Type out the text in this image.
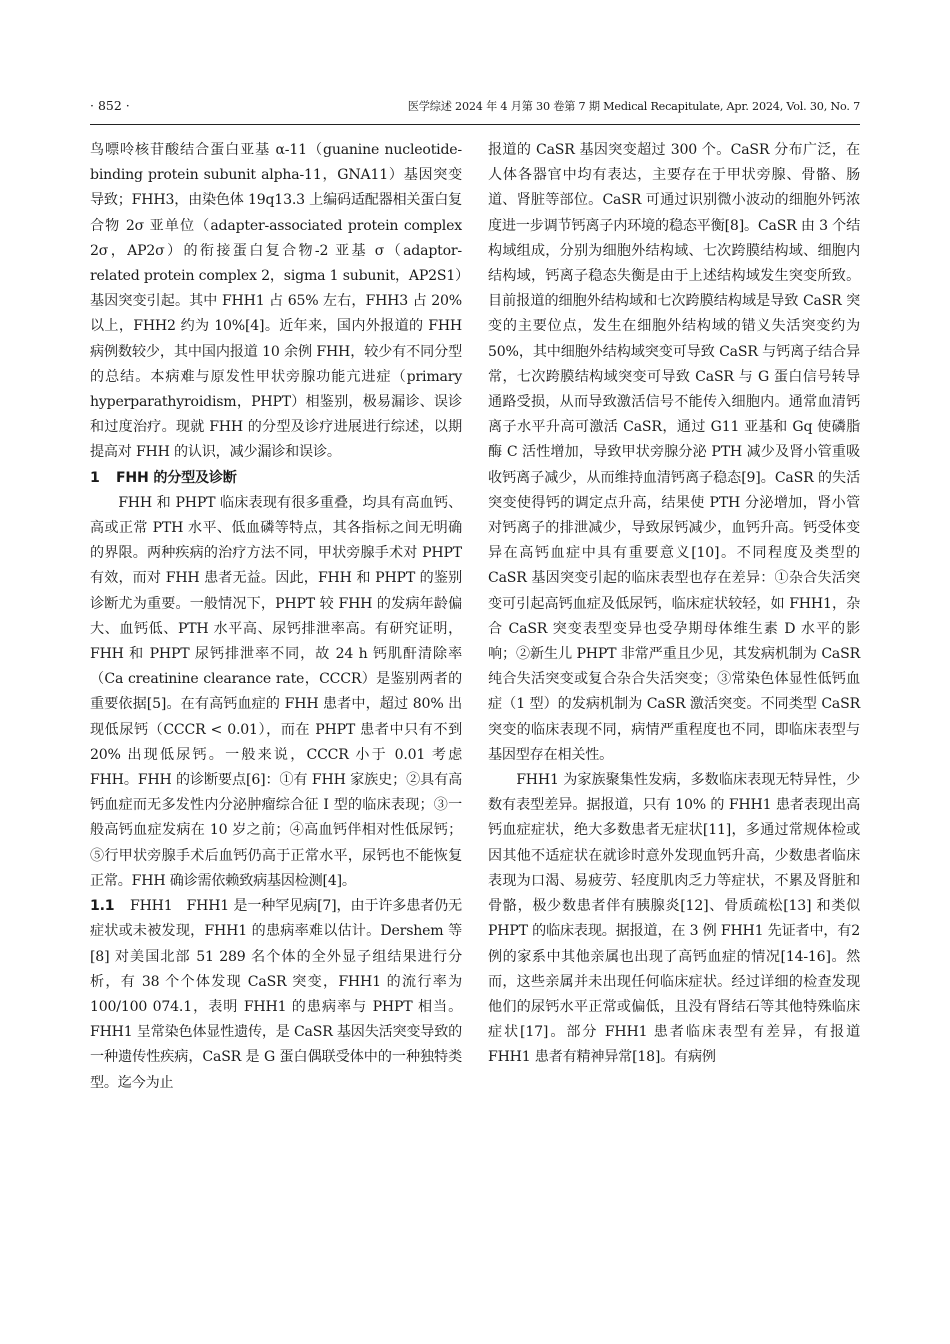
· 852 ·	医学综述 2024 年 4 月第 30 卷第 7 期 Medical Recapitulate, Apr. 2024, Vol. 30, No. 7

鸟嘌呤核苷酸结合蛋白亚基 α-11（guanine nucleotide-binding protein subunit alpha-11，GNA11）基因突变导致；FHH3，由染色体 19q13.3 上编码适配器相关蛋白复合物 2σ 亚单位（adapter-associated protein complex 2σ，AP2σ）的衔接蛋白复合物-2 亚基 σ（adaptor-related protein complex 2，sigma 1 subunit，AP2S1）基因突变引起。其中 FHH1 占 65% 左右，FHH3 占 20% 以上，FHH2 约为 10%[4]。近年来，国内外报道的 FHH 病例数较少，其中国内报道 10 余例 FHH，较少有不同分型的总结。本病难与原发性甲状旁腺功能亢进症（primary hyperparathyroidism，PHPT）相鉴别，极易漏诊、误诊和过度治疗。现就 FHH 的分型及诊疗进展进行综述，以期提高对 FHH 的认识，减少漏诊和误诊。

1 FHH 的分型及诊断

FHH 和 PHPT 临床表现有很多重叠，均具有高血钙、高或正常 PTH 水平、低血磷等特点，其各指标之间无明确的界限。两种疾病的治疗方法不同，甲状旁腺手术对 PHPT 有效，而对 FHH 患者无益。因此，FHH 和 PHPT 的鉴别诊断尤为重要。一般情况下，PHPT 较 FHH 的发病年龄偏大、血钙低、PTH 水平高、尿钙排泄率高。有研究证明，FHH 和 PHPT 尿钙排泄率不同，故 24 h 钙肌酐清除率（Ca creatinine clearance rate，CCCR）是鉴别两者的重要依据[5]。在有高钙血症的 FHH 患者中，超过 80% 出现低尿钙（CCCR < 0.01），而在 PHPT 患者中只有不到 20% 出现低尿钙。一般来说，CCCR 小于 0.01 考虑 FHH。FHH 的诊断要点[6]：①有 FHH 家族史；②具有高钙血症而无多发性内分泌肿瘤综合征 Ⅰ 型的临床表现；③一般高钙血症发病在 10 岁之前；④高血钙伴相对性低尿钙；⑤行甲状旁腺手术后血钙仍高于正常水平，尿钙也不能恢复正常。FHH 确诊需依赖致病基因检测[4]。

1.1 FHH1 FHH1 是一种罕见病[7]，由于许多患者仍无症状或未被发现，FHH1 的患病率难以估计。Dershem 等[8] 对美国北部 51 289 名个体的全外显子组结果进行分析，有 38 个个体发现 CaSR 突变，FHH1 的流行率为 100/100 074.1，表明 FHH1 的患病率与 PHPT 相当。FHH1 呈常染色体显性遗传，是 CaSR 基因失活突变导致的一种遗传性疾病，CaSR 是 G 蛋白偶联受体中的一种独特类型。迄今为止

报道的 CaSR 基因突变超过 300 个。CaSR 分布广泛，在人体各器官中均有表达，主要存在于甲状旁腺、骨骼、肠道、肾脏等部位。CaSR 可通过识别微小波动的细胞外钙浓度进一步调节钙离子内环境的稳态平衡[8]。CaSR 由 3 个结构域组成，分别为细胞外结构域、七次跨膜结构域、细胞内结构域，钙离子稳态失衡是由于上述结构域发生突变所致。目前报道的细胞外结构域和七次跨膜结构域是导致 CaSR 突变的主要位点，发生在细胞外结构域的错义失活突变约为 50%，其中细胞外结构域突变可导致 CaSR 与钙离子结合异常，七次跨膜结构域突变可导致 CaSR 与 G 蛋白信号转导通路受损，从而导致激活信号不能传入细胞内。通常血清钙离子水平升高可激活 CaSR，通过 G11 亚基和 Gq 使磷脂酶 C 活性增加，导致甲状旁腺分泌 PTH 减少及肾小管重吸收钙离子减少，从而维持血清钙离子稳态[9]。CaSR 的失活突变使得钙的调定点升高，结果使 PTH 分泌增加，肾小管对钙离子的排泄减少，导致尿钙减少，血钙升高。钙受体变异在高钙血症中具有重要意义[10]。不同程度及类型的 CaSR 基因突变引起的临床表型也存在差异：①杂合失活突变可引起高钙血症及低尿钙，临床症状较轻，如 FHH1，杂合 CaSR 突变表型变异也受孕期母体维生素 D 水平的影响；②新生儿 PHPT 非常严重且少见，其发病机制为 CaSR 纯合失活突变或复合杂合失活突变；③常染色体显性低钙血症（1 型）的发病机制为 CaSR 激活突变。不同类型 CaSR 突变的临床表现不同，病情严重程度也不同，即临床表型与基因型存在相关性。

FHH1 为家族聚集性发病，多数临床表现无特异性，少数有表型差异。据报道，只有 10% 的 FHH1 患者表现出高钙血症症状，绝大多数患者无症状[11]，多通过常规体检或因其他不适症状在就诊时意外发现血钙升高，少数患者临床表现为口渴、易疲劳、轻度肌肉乏力等症状，不累及肾脏和骨骼，极少数患者伴有胰腺炎[12]、骨质疏松[13] 和类似 PHPT 的临床表现。据报道，在 3 例 FHH1 先证者中，有2 例的家系中其他亲属也出现了高钙血症的情况[14-16]。然而，这些亲属并未出现任何临床症状。经过详细的检查发现他们的尿钙水平正常或偏低，且没有肾结石等其他特殊临床症状[17]。部分 FHH1 患者临床表型有差异，有报道 FHH1 患者有精神异常[18]。有病例
